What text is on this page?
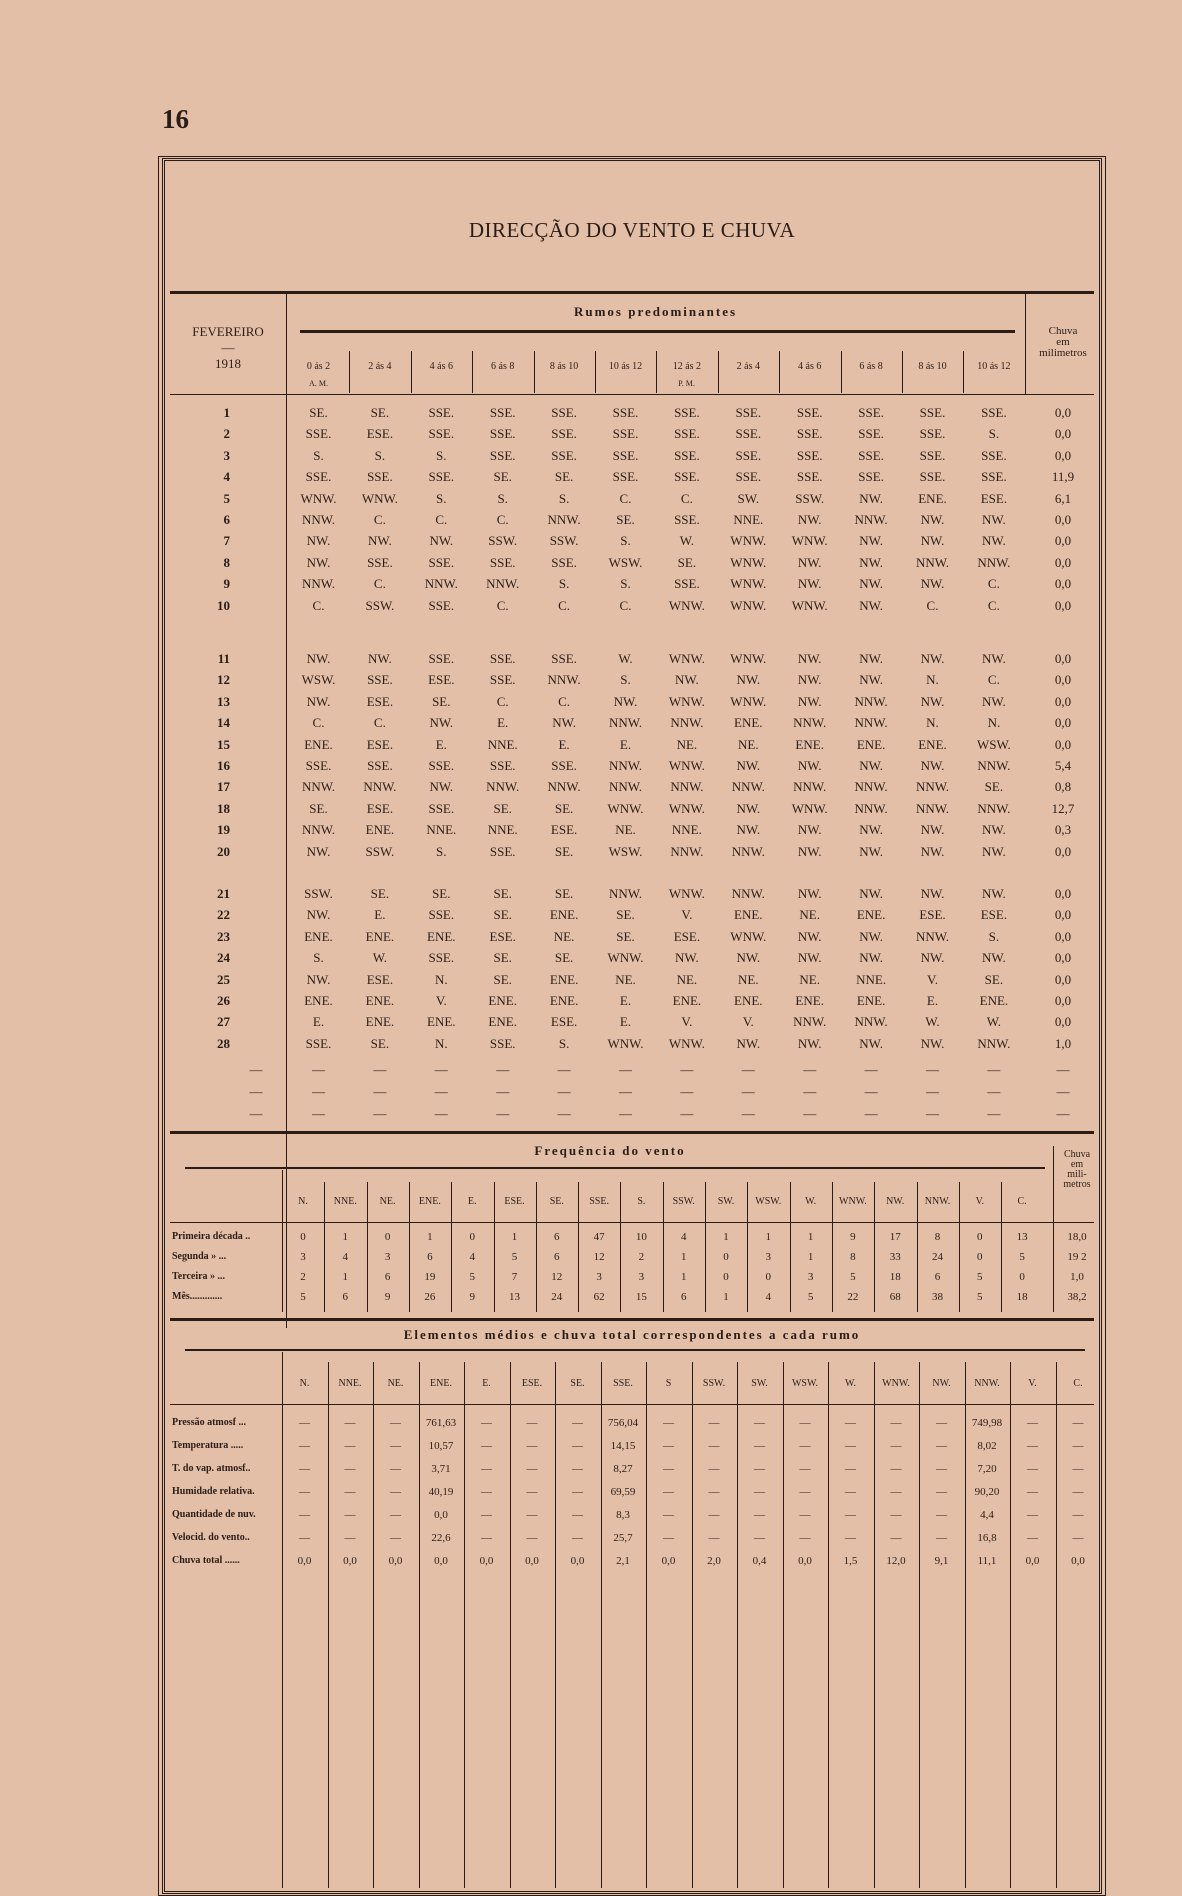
16
DIRECÇÃO DO VENTO E CHUVA
FEVEREIRO
—
1918
Rumos predominantes
Chuva
em
milimetros
0 ás 2	2 ás 4	4 ás 6	6 ás 8	8 ás 10	10 ás 12	12 ás 2	2 ás 4	4 ás 6	6 ás 8	8 ás 10	10 ás 12
A. M.	P. M.
1	SE.	SE.	SSE.	SSE.	SSE.	SSE.	SSE.	SSE.	SSE.	SSE.	SSE.	SSE.	0,0
2	SSE.	ESE.	SSE.	SSE.	SSE.	SSE.	SSE.	SSE.	SSE.	SSE.	SSE.	S.	0,0
3	S.	S.	S.	SSE.	SSE.	SSE.	SSE.	SSE.	SSE.	SSE.	SSE.	SSE.	0,0
4	SSE.	SSE.	SSE.	SE.	SE.	SSE.	SSE.	SSE.	SSE.	SSE.	SSE.	SSE.	11,9
5	WNW.	WNW.	S.	S.	S.	C.	C.	SW.	SSW.	NW.	ENE.	ESE.	6,1
6	NNW.	C.	C.	C.	NNW.	SE.	SSE.	NNE.	NW.	NNW.	NW.	NW.	0,0
7	NW.	NW.	NW.	SSW.	SSW.	S.	W.	WNW.	WNW.	NW.	NW.	NW.	0,0
8	NW.	SSE.	SSE.	SSE.	SSE.	WSW.	SE.	WNW.	NW.	NW.	NNW.	NNW.	0,0
9	NNW.	C.	NNW.	NNW.	S.	S.	SSE.	WNW.	NW.	NW.	NW.	C.	0,0
10	C.	SSW.	SSE.	C.	C.	C.	WNW.	WNW.	WNW.	NW.	C.	C.	0,0
11	NW.	NW.	SSE.	SSE.	SSE.	W.	WNW.	WNW.	NW.	NW.	NW.	NW.	0,0
12	WSW.	SSE.	ESE.	SSE.	NNW.	S.	NW.	NW.	NW.	NW.	N.	C.	0,0
13	NW.	ESE.	SE.	C.	C.	NW.	WNW.	WNW.	NW.	NNW.	NW.	NW.	0,0
14	C.	C.	NW.	E.	NW.	NNW.	NNW.	ENE.	NNW.	NNW.	N.	N.	0,0
15	ENE.	ESE.	E.	NNE.	E.	E.	NE.	NE.	ENE.	ENE.	ENE.	WSW.	0,0
16	SSE.	SSE.	SSE.	SSE.	SSE.	NNW.	WNW.	NW.	NW.	NW.	NW.	NNW.	5,4
17	NNW.	NNW.	NW.	NNW.	NNW.	NNW.	NNW.	NNW.	NNW.	NNW.	NNW.	SE.	0,8
18	SE.	ESE.	SSE.	SE.	SE.	WNW.	WNW.	NW.	WNW.	NNW.	NNW.	NNW.	12,7
19	NNW.	ENE.	NNE.	NNE.	ESE.	NE.	NNE.	NW.	NW.	NW.	NW.	NW.	0,3
20	NW.	SSW.	S.	SSE.	SE.	WSW.	NNW.	NNW.	NW.	NW.	NW.	NW.	0,0
21	SSW.	SE.	SE.	SE.	SE.	NNW.	WNW.	NNW.	NW.	NW.	NW.	NW.	0,0
22	NW.	E.	SSE.	SE.	ENE.	SE.	V.	ENE.	NE.	ENE.	ESE.	ESE.	0,0
23	ENE.	ENE.	ENE.	ESE.	NE.	SE.	ESE.	WNW.	NW.	NW.	NNW.	S.	0,0
24	S.	W.	SSE.	SE.	SE.	WNW.	NW.	NW.	NW.	NW.	NW.	NW.	0,0
25	NW.	ESE.	N.	SE.	ENE.	NE.	NE.	NE.	NE.	NNE.	V.	SE.	0,0
26	ENE.	ENE.	V.	ENE.	ENE.	E.	ENE.	ENE.	ENE.	ENE.	E.	ENE.	0,0
27	E.	ENE.	ENE.	ENE.	ESE.	E.	V.	V.	NNW.	NNW.	W.	W.	0,0
28	SSE.	SE.	N.	SSE.	S.	WNW.	WNW.	NW.	NW.	NW.	NW.	NNW.	1,0
—	—	—	—	—	—	—	—	—	—	—	—	—	—
—	—	—	—	—	—	—	—	—	—	—	—	—	—
—	—	—	—	—	—	—	—	—	—	—	—	—	—
Frequência do vento	Chuva
em
mili-
metros
N.	NNE.	NE.	ENE.	E.	ESE.	SE.	SSE.	S.	SSW.	SW.	WSW.	W.	WNW.	NW.	NNW.	V.	C.
Primeira década ..	0	1	0	1	0	1	6	47	10	4	1	1	1	9	17	8	0	13	18,0
Segunda » ...	3	4	3	6	4	5	6	12	2	1	0	3	1	8	33	24	0	5	19 2
Terceira » ...	2	1	6	19	5	7	12	3	3	1	0	0	3	5	18	6	5	0	1,0
Mês.............	5	6	9	26	9	13	24	62	15	6	1	4	5	22	68	38	5	18	38,2
Elementos médios e chuva total correspondentes a cada rumo
N.	NNE.	NE.	ENE.	E.	ESE.	SE.	SSE.	S	SSW.	SW.	WSW.	W.	WNW.	NW.	NNW.	V.	C.
Pressão atmosf ...	—	—	—	761,63	—	—	—	756,04	—	—	—	—	—	—	—	749,98	—	—
Temperatura .....	—	—	—	10,57	—	—	—	14,15	—	—	—	—	—	—	—	8,02	—	—
T. do vap. atmosf..	—	—	—	3,71	—	—	—	8,27	—	—	—	—	—	—	—	7,20	—	—
Humidade relativa.	—	—	—	40,19	—	—	—	69,59	—	—	—	—	—	—	—	90,20	—	—
Quantidade de nuv.	—	—	—	0,0	—	—	—	8,3	—	—	—	—	—	—	—	4,4	—	—
Velocid. do vento..	—	—	—	22,6	—	—	—	25,7	—	—	—	—	—	—	—	16,8	—	—
Chuva total ......	0,0	0,0	0,0	0,0	0,0	0,0	0,0	2,1	0,0	2,0	0,4	0,0	1,5	12,0	9,1	11,1	0,0	0,0
